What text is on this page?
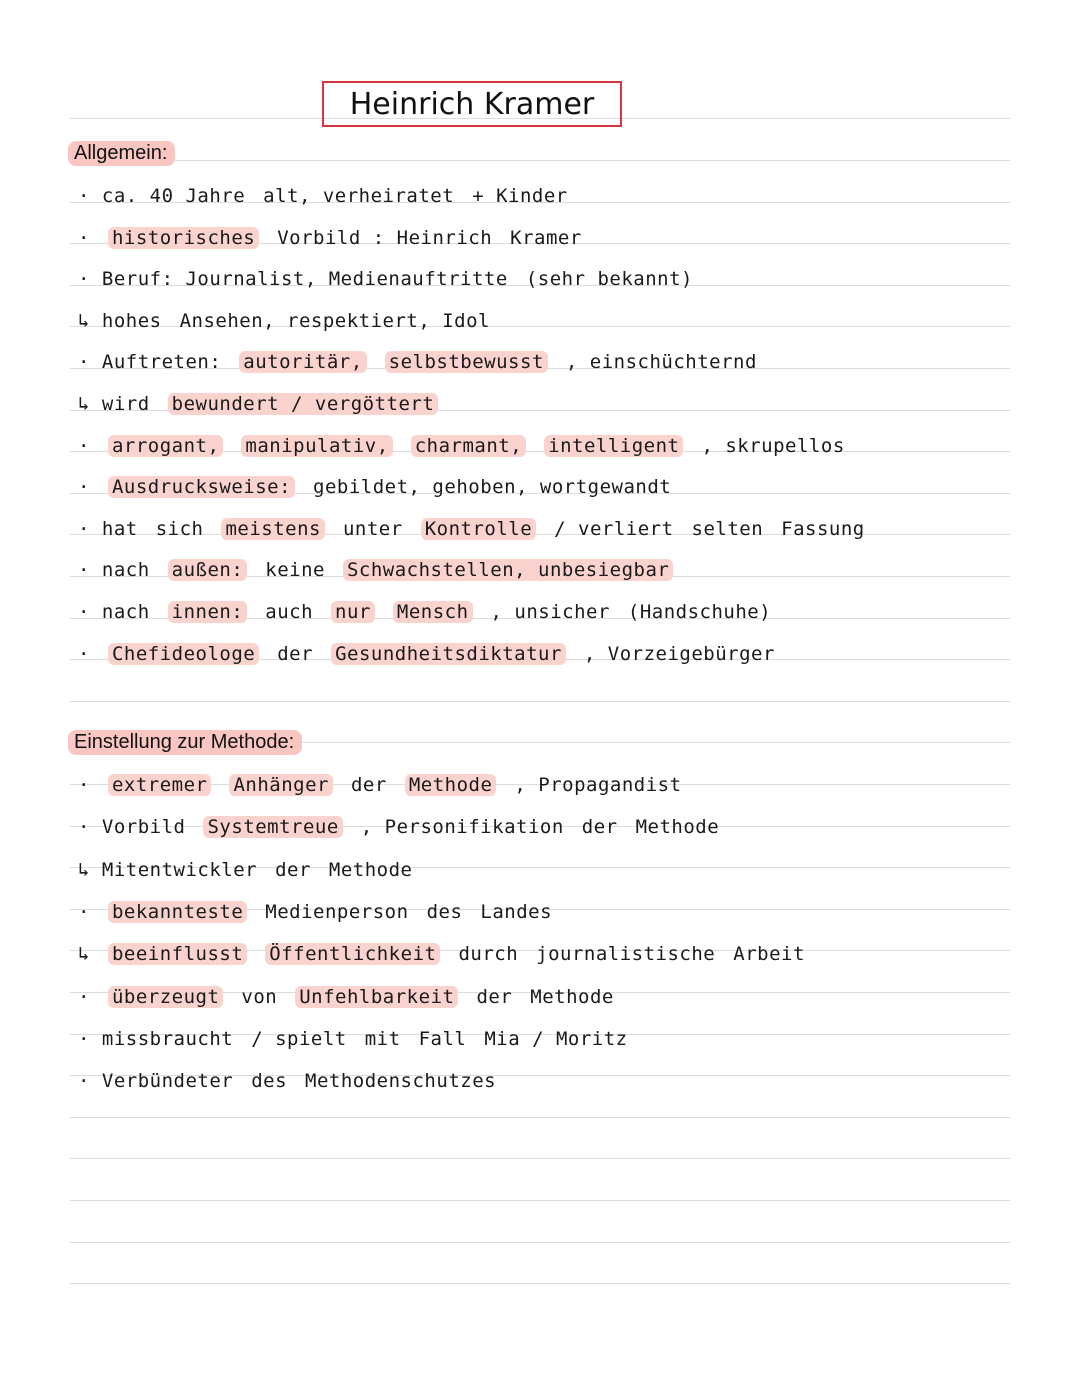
Heinrich Kramer
Allgemein:
· ca. 40 Jahre alt, verheiratet + Kinder
· historisches Vorbild : Heinrich Kramer
· Beruf: Journalist, Medienauftritte (sehr bekannt)
↳ hohes Ansehen, respektiert, Idol
· Auftreten: autoritär, selbstbewusst , einschüchternd
↳ wird bewundert / vergöttert
· arrogant, manipulativ, charmant, intelligent , skrupellos
· Ausdrucksweise: gebildet, gehoben, wortgewandt
· hat sich meistens unter Kontrolle / verliert selten Fassung
· nach außen: keine Schwachstellen, unbesiegbar
· nach innen: auch nur Mensch , unsicher (Handschuhe)
· Chefideologe der Gesundheitsdiktatur , Vorzeigebürger
Einstellung zur Methode:
· extremer Anhänger der Methode , Propagandist
· Vorbild Systemtreue , Personifikation der Methode
↳ Mitentwickler der Methode
· bekannteste Medienperson des Landes
↳ beeinflusst Öffentlichkeit durch journalistische Arbeit
· überzeugt von Unfehlbarkeit der Methode
· missbraucht / spielt mit Fall Mia / Moritz
· Verbündeter des Methodenschutzes
